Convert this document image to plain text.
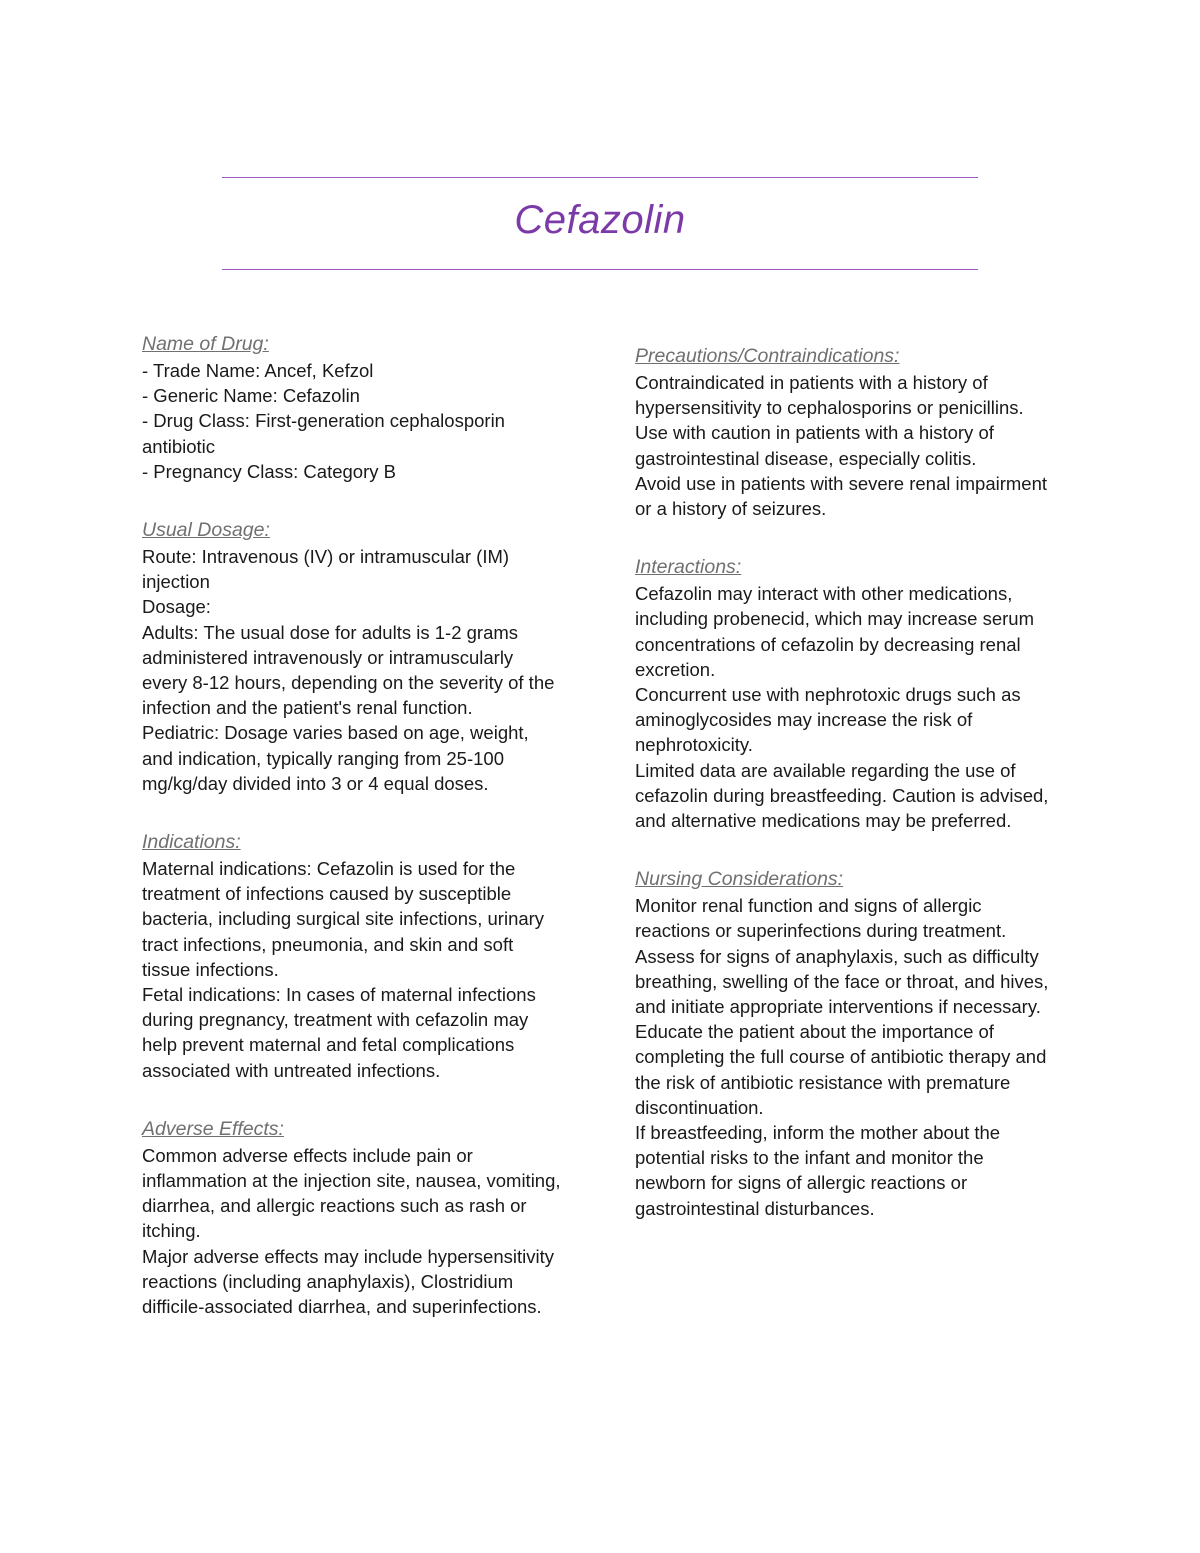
Cefazolin

Name of Drug:

- Trade Name: Ancef, Kefzol

- Generic Name: Cefazolin

- Drug Class: First-generation cephalosporin antibiotic

- Pregnancy Class: Category B

Usual Dosage:

Route: Intravenous (IV) or intramuscular (IM) injection

Dosage:

Adults: The usual dose for adults is 1-2 grams administered intravenously or intramuscularly every 8-12 hours, depending on the severity of the infection and the patient's renal function.

Pediatric: Dosage varies based on age, weight, and indication, typically ranging from 25-100 mg/kg/day divided into 3 or 4 equal doses.

Indications:

Maternal indications: Cefazolin is used for the treatment of infections caused by susceptible bacteria, including surgical site infections, urinary tract infections, pneumonia, and skin and soft tissue infections.

Fetal indications: In cases of maternal infections during pregnancy, treatment with cefazolin may help prevent maternal and fetal complications associated with untreated infections.

Adverse Effects:

Common adverse effects include pain or inflammation at the injection site, nausea, vomiting, diarrhea, and allergic reactions such as rash or itching.

Major adverse effects may include hypersensitivity reactions (including anaphylaxis), Clostridium difficile-associated diarrhea, and superinfections.

Precautions/Contraindications:

Contraindicated in patients with a history of hypersensitivity to cephalosporins or penicillins.

Use with caution in patients with a history of gastrointestinal disease, especially colitis.

Avoid use in patients with severe renal impairment or a history of seizures.

Interactions:

Cefazolin may interact with other medications, including probenecid, which may increase serum concentrations of cefazolin by decreasing renal excretion.

Concurrent use with nephrotoxic drugs such as aminoglycosides may increase the risk of nephrotoxicity.

Limited data are available regarding the use of cefazolin during breastfeeding. Caution is advised, and alternative medications may be preferred.

Nursing Considerations:

Monitor renal function and signs of allergic reactions or superinfections during treatment.

Assess for signs of anaphylaxis, such as difficulty breathing, swelling of the face or throat, and hives, and initiate appropriate interventions if necessary.

Educate the patient about the importance of completing the full course of antibiotic therapy and the risk of antibiotic resistance with premature discontinuation.

If breastfeeding, inform the mother about the potential risks to the infant and monitor the newborn for signs of allergic reactions or gastrointestinal disturbances.
